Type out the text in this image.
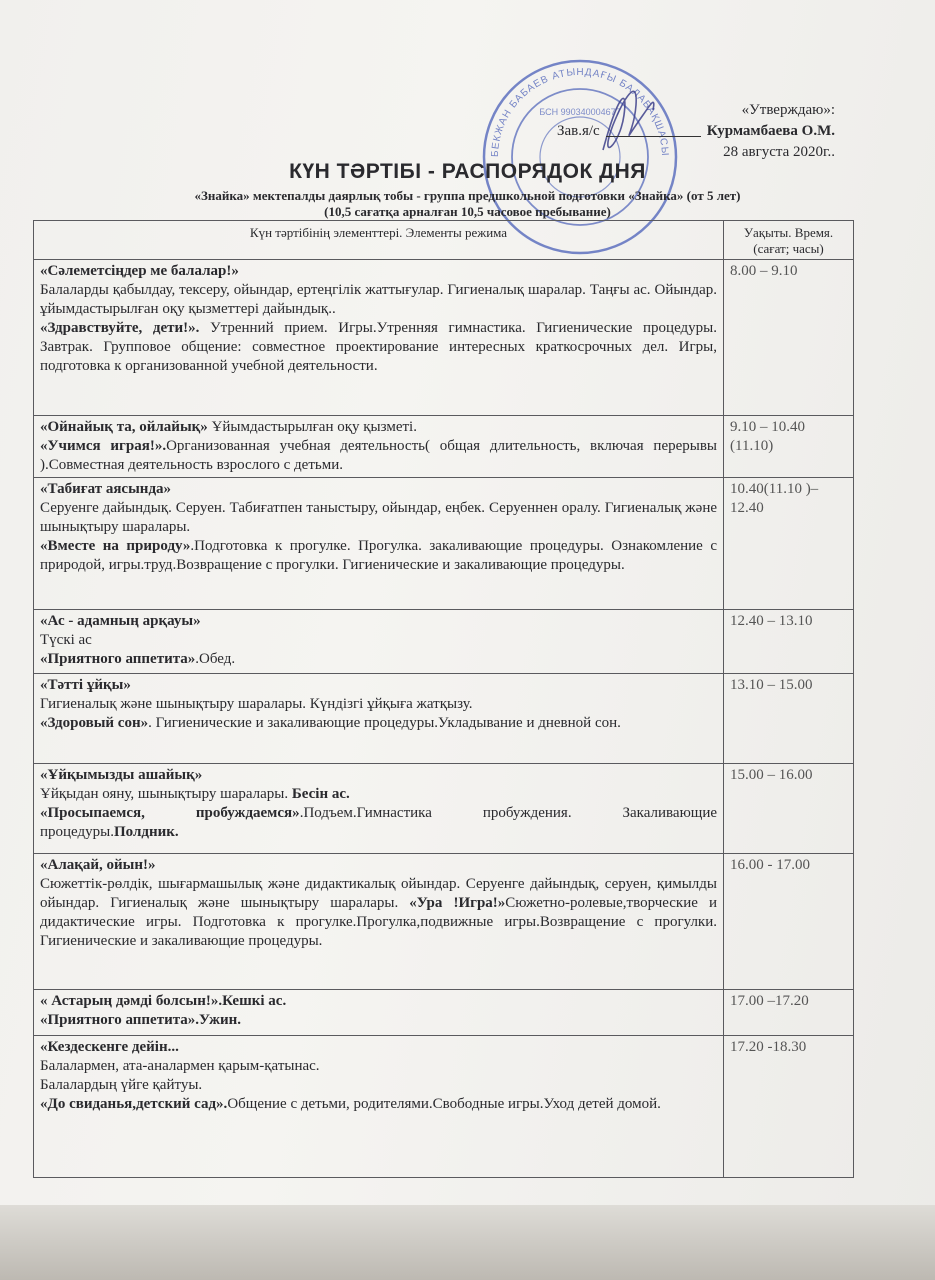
БЕКЖАН БАБАЕВ АТЫНДАҒЫ БАЛАБАҚШАСЫ
БСН 990340004677	«Утверждаю»:
Зав.я/с	Курмамбаева О.М.
28 августа 2020г..
КҮН ТӘРТІБІ - РАСПОРЯДОК ДНЯ
«Знайка» мектепалды даярлық тобы - группа предшкольной подготовки «Знайка» (от 5 лет)
(10,5 сағатқа арналған 10,5 часовое пребывание)
Күн тәртібінің элементтері. Элементы режима	Уақыты. Время. (сағат; часы)

«Сәлеметсіңдер ме балалар!»
Балаларды қабылдау, тексеру, ойындар, ертеңгілік жаттығулар. Гигиеналық шаралар. Таңғы ас. Ойындар. ұйымдастырылған оқу қызметтері дайындық..
«Здравствуйте, дети!». Утренний прием. Игры.Утренняя гимнастика. Гигиенические процедуры. Завтрак. Групповое общение: совместное проектирование интересных краткосрочных дел. Игры, подготовка к организованной учебной деятельности.	8.00 – 9.10
«Ойнайық та, ойлайық» Ұйымдастырылған оқу қызметі.
«Учимся играя!».Организованная учебная деятельность( общая длительность, включая перерывы ).Совместная деятельность взрослого с детьми.	9.10 – 10.40 (11.10)

«Табиғат аясында»
Серуенге дайындық. Серуен. Табиғатпен таныстыру, ойындар, еңбек. Серуеннен оралу. Гигиеналық және шынықтыру шаралары.
«Вместе на природу».Подготовка к прогулке. Прогулка. закаливающие процедуры. Ознакомление с природой, игры.труд.Возвращение с прогулки. Гигиенические и закаливающие процедуры.	10.40(11.10 )–12.40

«Ас - адамның арқауы»
Түскі ас
«Приятного аппетита».Обед.	12.40 – 13.10

«Тәтті ұйқы»
Гигиеналық және шынықтыру шаралары. Күндізгі ұйқыға жатқызу.
«Здоровый сон». Гигиенические и закаливающие процедуры.Укладывание и дневной сон.	13.10 – 15.00

«Ұйқымызды ашайық»
Ұйқыдан ояну, шынықтыру шаралары. Бесін ас.
«Просыпаемся, пробуждаемся».Подъем.Гимнастика пробуждения. Закаливающие процедуры.Полдник.	15.00 – 16.00

«Алақай, ойын!»
Сюжеттік-рөлдік, шығармашылық және дидактикалық ойындар. Серуенге дайындық, серуен, қимылды ойындар. Гигиеналық және шынықтыру шаралары. «Ура !Игра!»Сюжетно-ролевые,творческие и дидактические игры. Подготовка к прогулке.Прогулка,подвижные игры.Возвращение с прогулки. Гигиенические и закаливающие процедуры.	16.00 - 17.00

« Астарың дәмді болсын!».Кешкі ас.
«Приятного аппетита».Ужин.	17.00 –17.20

«Кездескенге дейін...
Балалармен, ата-аналармен қарым-қатынас.
Балалардың үйге қайтуы.
«До свиданья,детский сад».Общение с детьми, родителями.Свободные игры.Уход детей домой.	17.20 -18.30
